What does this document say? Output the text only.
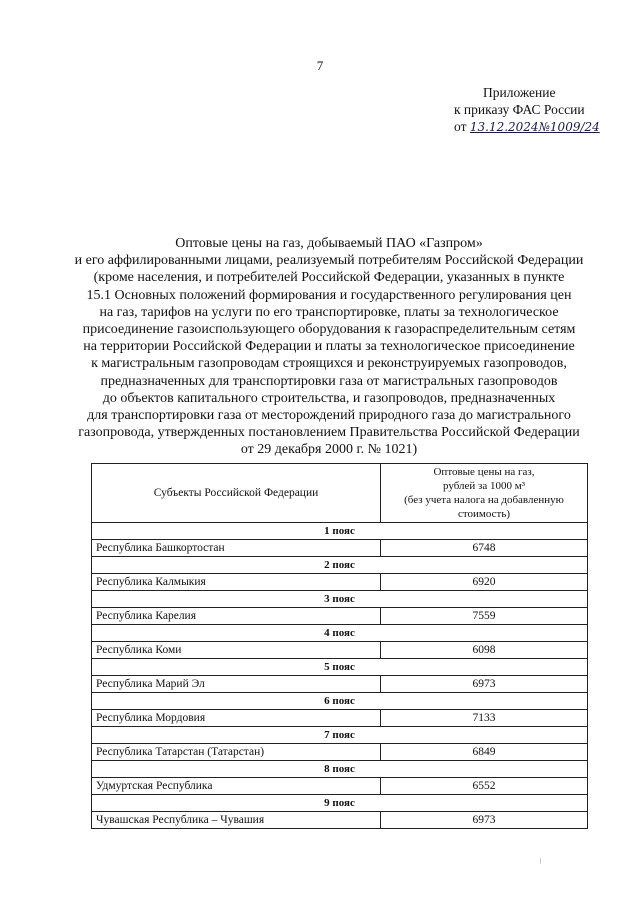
7
Приложение
к приказу ФАС России
от 13.12.2024№1009/24
Оптовые цены на газ, добываемый ПАО «Газпром»
и его аффилированными лицами, реализуемый потребителям Российской Федерации
(кроме населения, и потребителей Российской Федерации, указанных в пункте
15.1 Основных положений формирования и государственного регулирования цен
на газ, тарифов на услуги по его транспортировке, платы за технологическое
присоединение газоиспользующего оборудования к газораспределительным сетям
на территории Российской Федерации и платы за технологическое присоединение
к магистральным газопроводам строящихся и реконструируемых газопроводов,
предназначенных для транспортировки газа от магистральных газопроводов
до объектов капитального строительства, и газопроводов, предназначенных
для транспортировки газа от месторождений природного газа до магистрального
газопровода, утвержденных постановлением Правительства Российской Федерации
от 29 декабря 2000 г. № 1021)
Субъекты Российской Федерации	Оптовые цены на газ,
рублей за 1000 м³
(без учета налога на добавленную
стоимость)

1 пояс	
Республика Башкортостан	6748
2 пояс	
Республика Калмыкия	6920
3 пояс	
Республика Карелия	7559
4 пояс	
Республика Коми	6098
5 пояс	
Республика Марий Эл	6973
6 пояс	
Республика Мордовия	7133
7 пояс	
Республика Татарстан (Татарстан)	6849
8 пояс	
Удмуртская Республика	6552
9 пояс	
Чувашская Республика – Чувашия	6973
